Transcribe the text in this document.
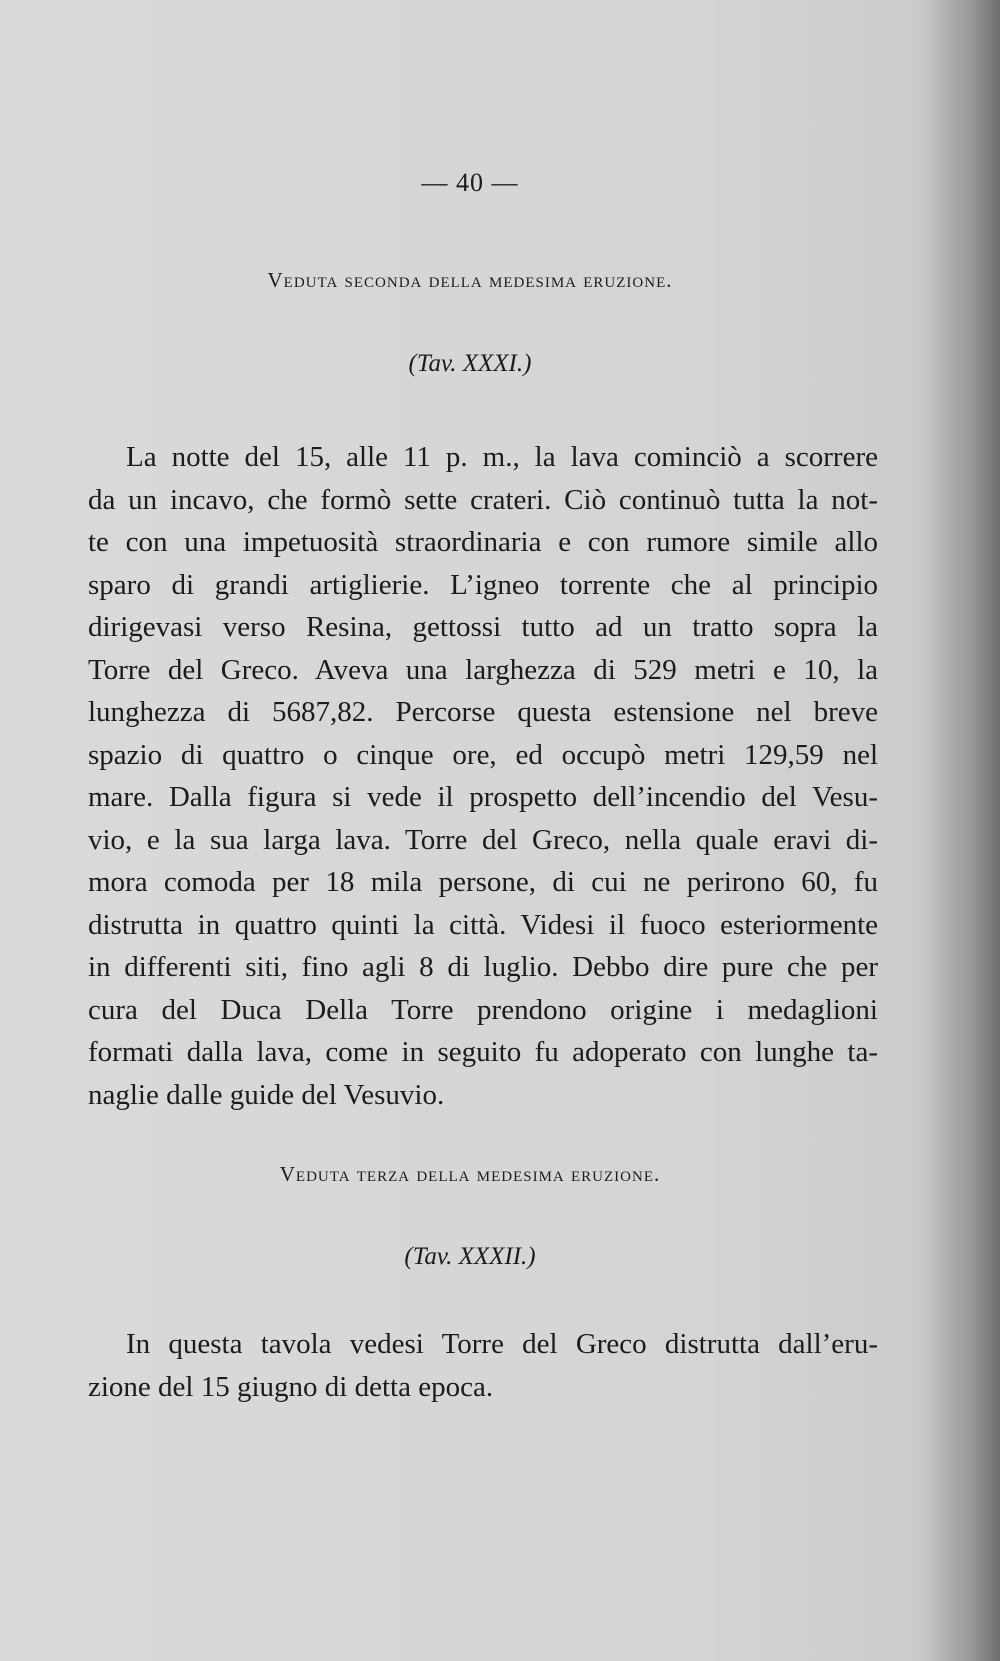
— 40 —
Veduta seconda della medesima eruzione.
(Tav. XXXI.)
La notte del 15, alle 11 p. m., la lava cominciò a scorrere
da un incavo, che formò sette crateri. Ciò continuò tutta la not-
te con una impetuosità straordinaria e con rumore simile allo
sparo di grandi artiglierie. L’igneo torrente che al principio
dirigevasi verso Resina, gettossi tutto ad un tratto sopra la
Torre del Greco. Aveva una larghezza di 529 metri e 10, la
lunghezza di 5687,82. Percorse questa estensione nel breve
spazio di quattro o cinque ore, ed occupò metri 129,59 nel
mare. Dalla figura si vede il prospetto dell’incendio del Vesu-
vio, e la sua larga lava. Torre del Greco, nella quale eravi di-
mora comoda per 18 mila persone, di cui ne perirono 60, fu
distrutta in quattro quinti la città. Videsi il fuoco esteriormente
in differenti siti, fino agli 8 di luglio. Debbo dire pure che per
cura del Duca Della Torre prendono origine i medaglioni
formati dalla lava, come in seguito fu adoperato con lunghe ta-
naglie dalle guide del Vesuvio.
Veduta terza della medesima eruzione.
(Tav. XXXII.)
In questa tavola vedesi Torre del Greco distrutta dall’eru-
zione del 15 giugno di detta epoca.
